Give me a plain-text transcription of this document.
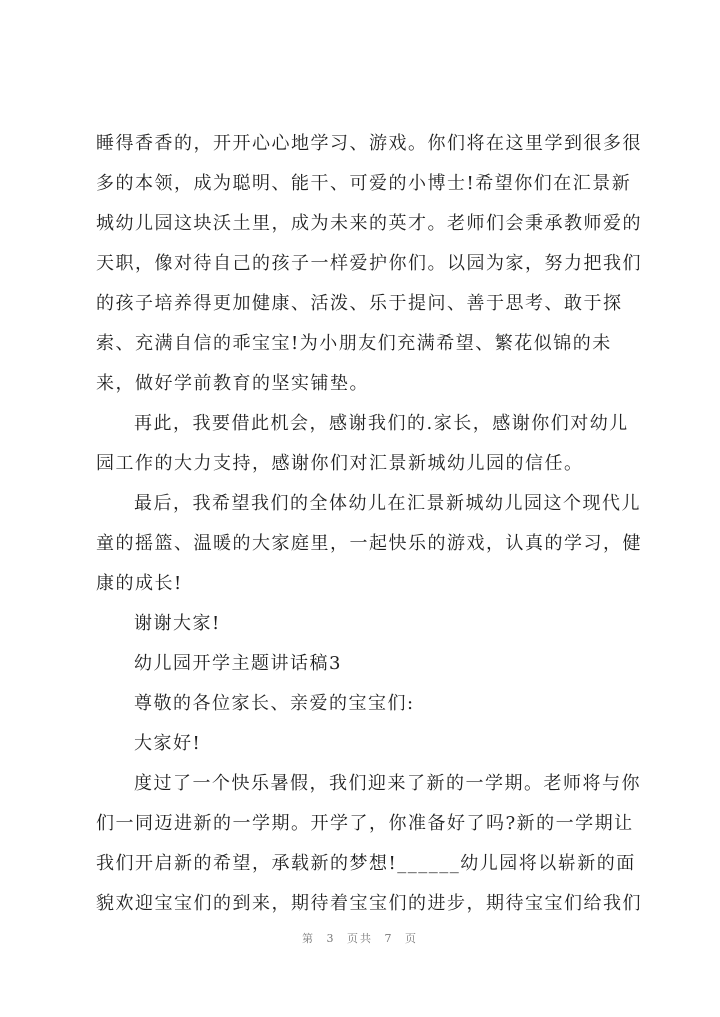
睡得香香的，开开心心地学习、游戏。你们将在这里学到很多很
多的本领，成为聪明、能干、可爱的小博士!希望你们在汇景新
城幼儿园这块沃土里，成为未来的英才。老师们会秉承教师爱的
天职，像对待自己的孩子一样爱护你们。以园为家，努力把我们
的孩子培养得更加健康、活泼、乐于提问、善于思考、敢于探
索、充满自信的乖宝宝!为小朋友们充满希望、繁花似锦的未
来，做好学前教育的坚实铺垫。
再此，我要借此机会，感谢我们的.家长，感谢你们对幼儿
园工作的大力支持，感谢你们对汇景新城幼儿园的信任。
最后，我希望我们的全体幼儿在汇景新城幼儿园这个现代儿
童的摇篮、温暖的大家庭里，一起快乐的游戏，认真的学习，健
康的成长!
谢谢大家!
幼儿园开学主题讲话稿3
尊敬的各位家长、亲爱的宝宝们:
大家好!
度过了一个快乐暑假，我们迎来了新的一学期。老师将与你
们一同迈进新的一学期。开学了，你准备好了吗?新的一学期让
我们开启新的希望，承载新的梦想!______幼儿园将以崭新的面
貌欢迎宝宝们的到来，期待着宝宝们的进步，期待宝宝们给我们
第 3 页共 7 页
